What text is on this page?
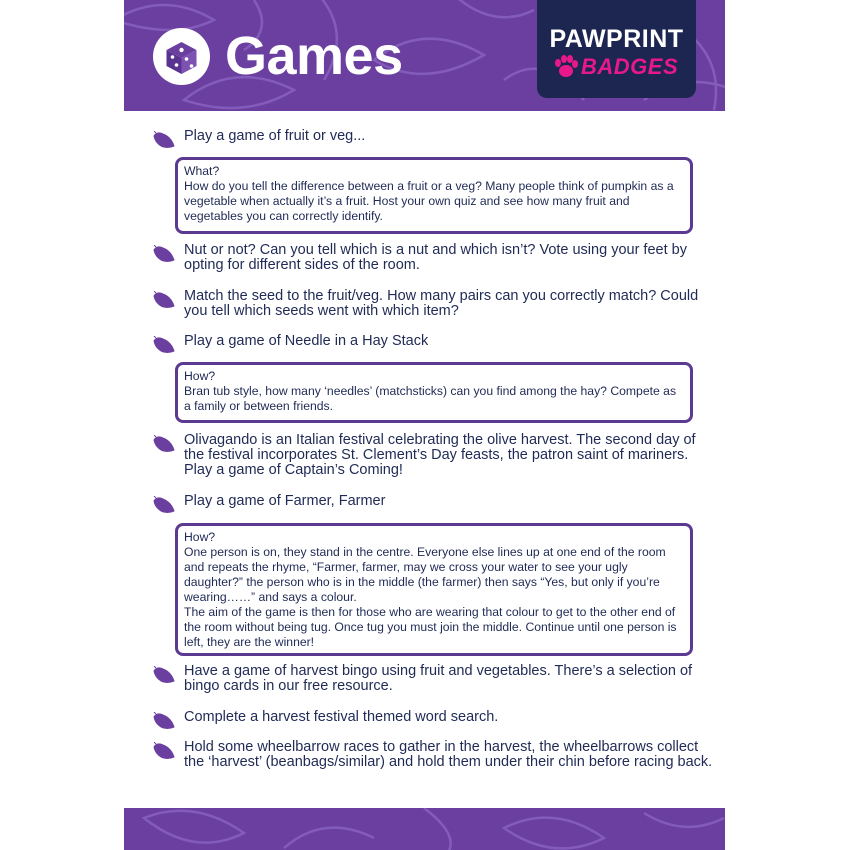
Games	PAWPRINT
BADGES
Play a game of fruit or veg...
What?
How do you tell the difference between a fruit or a veg? Many people think of pumpkin as a vegetable when actually it’s a fruit. Host your own quiz and see how many fruit and vegetables you can correctly identify.
Nut or not? Can you tell which is a nut and which isn’t? Vote using your feet by opting for different sides of the room.
Match the seed to the fruit/veg. How many pairs can you correctly match? Could you tell which seeds went with which item?
Play a game of Needle in a Hay Stack
How?
Bran tub style, how many ‘needles’ (matchsticks) can you find among the hay? Compete as a family or between friends.
Olivagando is an Italian festival celebrating the olive harvest. The second day of the festival incorporates St. Clement’s Day feasts, the patron saint of mariners. Play a game of Captain’s Coming!
Play a game of Farmer, Farmer
How?
One person is on, they stand in the centre. Everyone else lines up at one end of the room and repeats the rhyme, “Farmer, farmer, may we cross your water to see your ugly daughter?” the person who is in the middle (the farmer) then says “Yes, but only if you’re wearing……” and says a colour.
The aim of the game is then for those who are wearing that colour to get to the other end of the room without being tug. Once tug you must join the middle. Continue until one person is left, they are the winner!
Have a game of harvest bingo using fruit and vegetables. There’s a selection of bingo cards in our free resource.
Complete a harvest festival themed word search.
Hold some wheelbarrow races to gather in the harvest, the wheelbarrows collect the ‘harvest’ (beanbags/similar) and hold them under their chin before racing back.
